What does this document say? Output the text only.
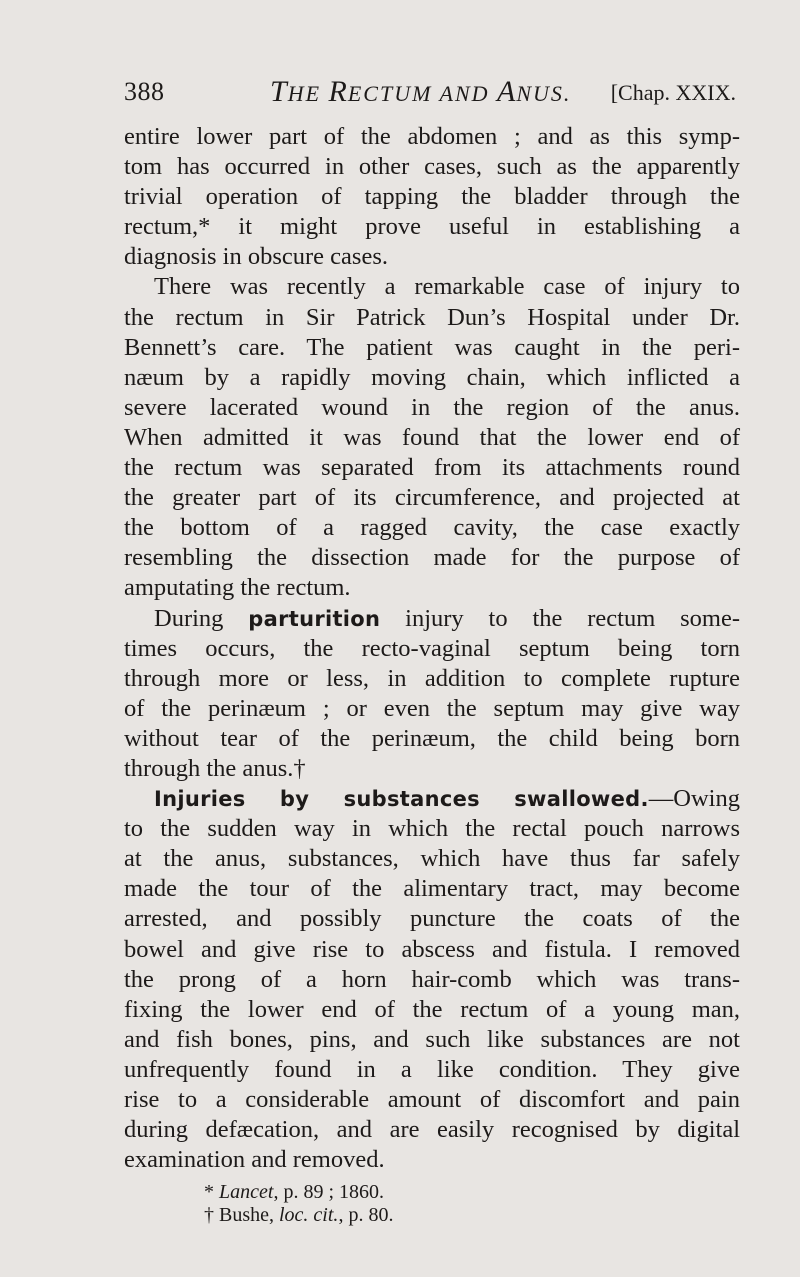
388	THE RECTUM AND ANUS. [Chap. XXIX.
entire lower part of the abdomen ; and as this symp-
tom has occurred in other cases, such as the apparently
trivial operation of tapping the bladder through the
rectum,* it might prove useful in establishing a
diagnosis in obscure cases.
There was recently a remarkable case of injury to
the rectum in Sir Patrick Dun’s Hospital under Dr.
Bennett’s care. The patient was caught in the peri-
næum by a rapidly moving chain, which inflicted a
severe lacerated wound in the region of the anus.
When admitted it was found that the lower end of
the rectum was separated from its attachments round
the greater part of its circumference, and projected at
the bottom of a ragged cavity, the case exactly
resembling the dissection made for the purpose of
amputating the rectum.
During parturition injury to the rectum some-
times occurs, the recto-vaginal septum being torn
through more or less, in addition to complete rupture
of the perinæum ; or even the septum may give way
without tear of the perinæum, the child being born
through the anus.†
Injuries by substances swallowed.—Owing
to the sudden way in which the rectal pouch narrows
at the anus, substances, which have thus far safely
made the tour of the alimentary tract, may become
arrested, and possibly puncture the coats of the
bowel and give rise to abscess and fistula. I removed
the prong of a horn hair-comb which was trans-
fixing the lower end of the rectum of a young man,
and fish bones, pins, and such like substances are not
unfrequently found in a like condition. They give
rise to a considerable amount of discomfort and pain
during defæcation, and are easily recognised by digital
examination and removed.
* Lancet, p. 89 ; 1860.
† Bushe, loc. cit., p. 80.
